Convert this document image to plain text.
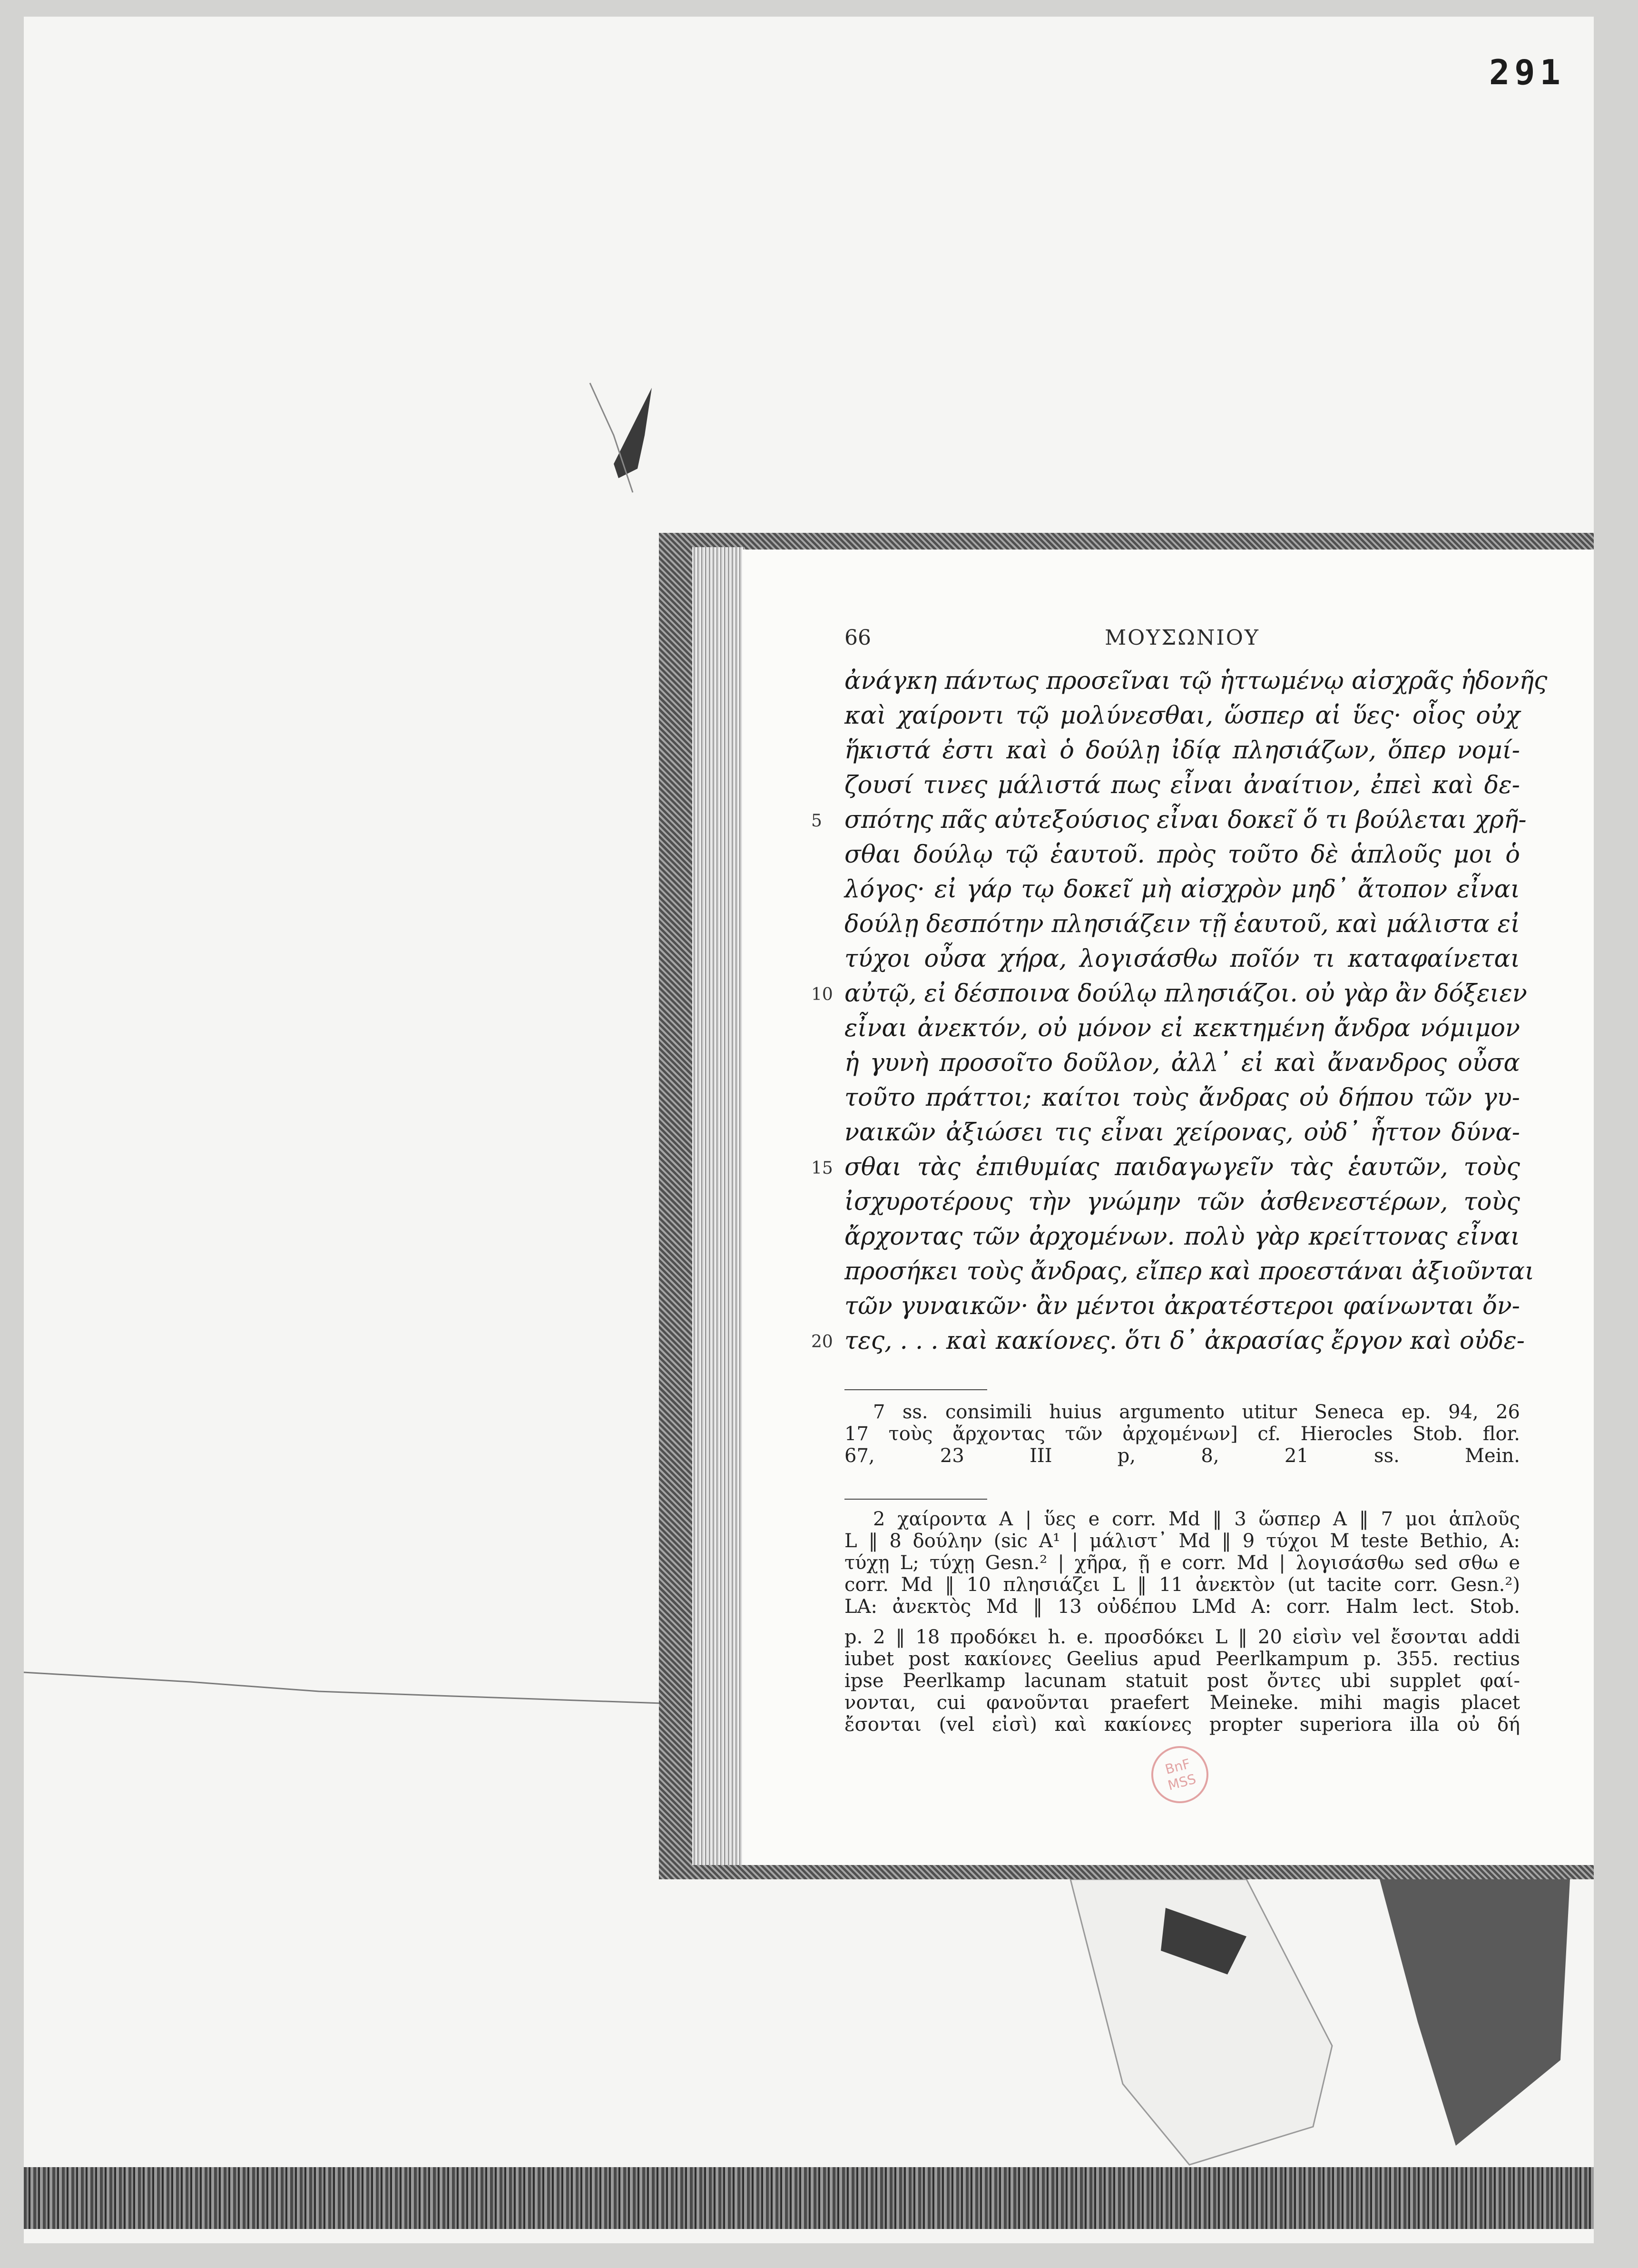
291
66	ΜΟΥΣΩΝΙΟΥ
ἀνάγκη πάντως προσεῖναι τῷ ἡττωμένῳ αἰσχρᾶς ἡδονῆς
καὶ χαίροντι τῷ μολύνεσθαι, ὥσπερ αἱ ὕες· οἷος οὐχ
ἥκιστά ἐστι καὶ ὁ δούλῃ ἰδίᾳ πλησιάζων, ὅπερ νομί-
ζουσί τινες μάλιστά πως εἶναι ἀναίτιον, ἐπεὶ καὶ δε-
5 σπότης πᾶς αὐτεξούσιος εἶναι δοκεῖ ὅ τι βούλεται χρῆ-
σθαι δούλῳ τῷ ἑαυτοῦ. πρὸς τοῦτο δὲ ἁπλοῦς μοι ὁ
λόγος· εἰ γάρ τῳ δοκεῖ μὴ αἰσχρὸν μηδ᾽ ἄτοπον εἶναι
δούλῃ δεσπότην πλησιάζειν τῇ ἑαυτοῦ, καὶ μάλιστα εἰ
τύχοι οὖσα χήρα, λογισάσθω ποῖόν τι καταφαίνεται
10 αὐτῷ, εἰ δέσποινα δούλῳ πλησιάζοι. οὐ γὰρ ἂν δόξειεν
εἶναι ἀνεκτόν, οὐ μόνον εἰ κεκτημένη ἄνδρα νόμιμον
ἡ γυνὴ προσοῖτο δοῦλον, ἀλλ᾽ εἰ καὶ ἄνανδρος οὖσα
τοῦτο πράττοι; καίτοι τοὺς ἄνδρας οὐ δήπου τῶν γυ-
ναικῶν ἀξιώσει τις εἶναι χείρονας, οὐδ᾽ ἧττον δύνα-
15 σθαι τὰς ἐπιθυμίας παιδαγωγεῖν τὰς ἑαυτῶν, τοὺς
ἰσχυροτέρους τὴν γνώμην τῶν ἀσθενεστέρων, τοὺς
ἄρχοντας τῶν ἀρχομένων. πολὺ γὰρ κρείττονας εἶναι
προσήκει τοὺς ἄνδρας, εἴπερ καὶ προεστάναι ἀξιοῦνται
τῶν γυναικῶν· ἂν μέντοι ἀκρατέστεροι φαίνωνται ὄν-
20 τες, . . . καὶ κακίονες. ὅτι δ᾽ ἀκρασίας ἔργον καὶ οὐδε-
7 ss. consimili huius argumento utitur Seneca ep. 94, 26
17 τοὺς ἄρχοντας τῶν ἀρχομένων] cf. Hierocles Stob. flor.
67, 23 III p, 8, 21 ss. Mein.
2 χαίροντα A | ὕες e corr. Md ‖ 3 ὥσπερ A ‖ 7 μοι ἁπλοῦς
L ‖ 8 δούλην (sic A¹ | μάλιστ᾽ Md ‖ 9 τύχοι M teste Bethio, A:
τύχῃ L; τύχῃ Gesn.² | χῆρα, ῇ e corr. Md | λογισάσθω sed σθω e
corr. Md ‖ 10 πλησιάζει L ‖ 11 ἀνεκτὸν (ut tacite corr. Gesn.²)
LA: ἀνεκτὸς Md ‖ 13 οὐδέπου LMd A: corr. Halm lect. Stob.
p. 2 ‖ 18 προδόκει h. e. προσδόκει L ‖ 20 εἰσὶν vel ἔσονται addi
iubet post κακίονες Geelius apud Peerlkampum p. 355. rectius
ipse Peerlkamp lacunam statuit post ὄντες ubi supplet φαί-
νονται, cui φανοῦνται praefert Meineke. mihi magis placet
ἔσονται (vel εἰσὶ) καὶ κακίονες propter superiora illa οὐ δή
BnF
MSS
